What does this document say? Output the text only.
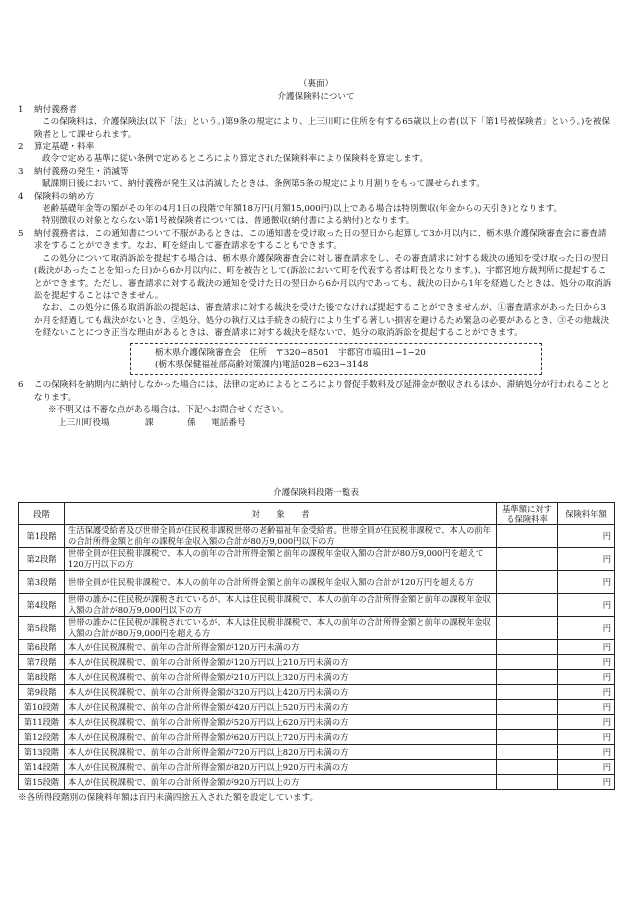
（裏面）
介護保険料について
1 納付義務者
この保険料は、介護保険法(以下「法」という。)第9条の規定により、上三川町に住所を有する65歳以上の者(以下「第1号被保険者」という。)を被保険者として課せられます。
2 算定基礎・料率
政令で定める基準に従い条例で定めるところにより算定された保険料率により保険料を算定します。
3 納付義務の発生・消滅等
賦課期日後において、納付義務が発生又は消滅したときは、条例第5条の規定により月割りをもって課せられます。
4 保険料の納め方
老齢基礎年金等の額がその年の4月1日の段階で年額18万円(月額15,000円)以上である場合は特別徴収(年金からの天引き)となります。
特別徴収の対象とならない第1号被保険者については、普通徴収(納付書による納付)となります。
5	納付義務者は、この通知書について不服があるときは、この通知書を受け取った日の翌日から起算して3か月以内に、栃木県介護保険審査会に審査請求をすることができます。なお、町を経由して審査請求をすることもできます。
この処分について取消訴訟を提起する場合は、栃木県介護保険審査会に対し審査請求をし、その審査請求に対する裁決の通知を受け取った日の翌日(裁決があったことを知った日)から6か月以内に、町を被告として(訴訟において町を代表する者は町長となります。)、宇都宮地方裁判所に提起することができます。ただし、審査請求に対する裁決の通知を受けた日の翌日から6か月以内であっても、裁決の日から1年を経過したときは、処分の取消訴訟を提起することはできません。
なお、この処分に係る取消訴訟の提起は、審査請求に対する裁決を受けた後でなければ提起することができませんが、①審査請求があった日から3か月を経過しても裁決がないとき、②処分、処分の執行又は手続きの続行により生ずる著しい損害を避けるため緊急の必要があるとき、③その他裁決を経ないことにつき正当な理由があるときは、審査請求に対する裁決を経ないで、処分の取消訴訟を提起することができます。
栃木県介護保険審査会　住所　〒320−8501　宇都宮市塙田1−1−20
(栃木県保健福祉部高齢対策課内)電話028−623−3148
6	この保険料を納期内に納付しなかった場合には、法律の定めによるところにより督促手数料及び延滞金が徴収されるほか、滞納処分が行われることとなります。
※不明又は不審な点がある場合は、下記へお問合せください。
上三川町役場	課	係 電話番号
介護保険料段階一覧表
段階	対　　象　　者	基準額に対する保険料率	保険料年額
第1段階	生活保護受給者及び世帯全員が住民税非課税世帯の老齢福祉年金受給者。世帯全員が住民税非課税で、本人の前年の合計所得金額と前年の課税年金収入額の合計が80万9,000円以下の方		円
第2段階	世帯全員が住民税非課税で、本人の前年の合計所得金額と前年の課税年金収入額の合計が80万9,000円を超えて120万円以下の方		円
第3段階	世帯全員が住民税非課税で、本人の前年の合計所得金額と前年の課税年金収入額の合計が120万円を超える方		円
第4段階	世帯の誰かに住民税が課税されているが、本人は住民税非課税で、本人の前年の合計所得金額と前年の課税年金収入額の合計が80万9,000円以下の方		円
第5段階	世帯の誰かに住民税が課税されているが、本人は住民税非課税で、本人の前年の合計所得金額と前年の課税年金収入額の合計が80万9,000円を超える方		円
第6段階	本人が住民税課税で、前年の合計所得金額が120万円未満の方		円
第7段階	本人が住民税課税で、前年の合計所得金額が120万円以上210万円未満の方		円
第8段階	本人が住民税課税で、前年の合計所得金額が210万円以上320万円未満の方		円
第9段階	本人が住民税課税で、前年の合計所得金額が320万円以上420万円未満の方		円
第10段階	本人が住民税課税で、前年の合計所得金額が420万円以上520万円未満の方		円
第11段階	本人が住民税課税で、前年の合計所得金額が520万円以上620万円未満の方		円
第12段階	本人が住民税課税で、前年の合計所得金額が620万円以上720万円未満の方		円
第13段階	本人が住民税課税で、前年の合計所得金額が720万円以上820万円未満の方		円
第14段階	本人が住民税課税で、前年の合計所得金額が820万円以上920万円未満の方		円
第15段階	本人が住民税課税で、前年の合計所得金額が920万円以上の方		円
※各所得段階別の保険料年額は百円未満四捨五入された額を設定しています。
